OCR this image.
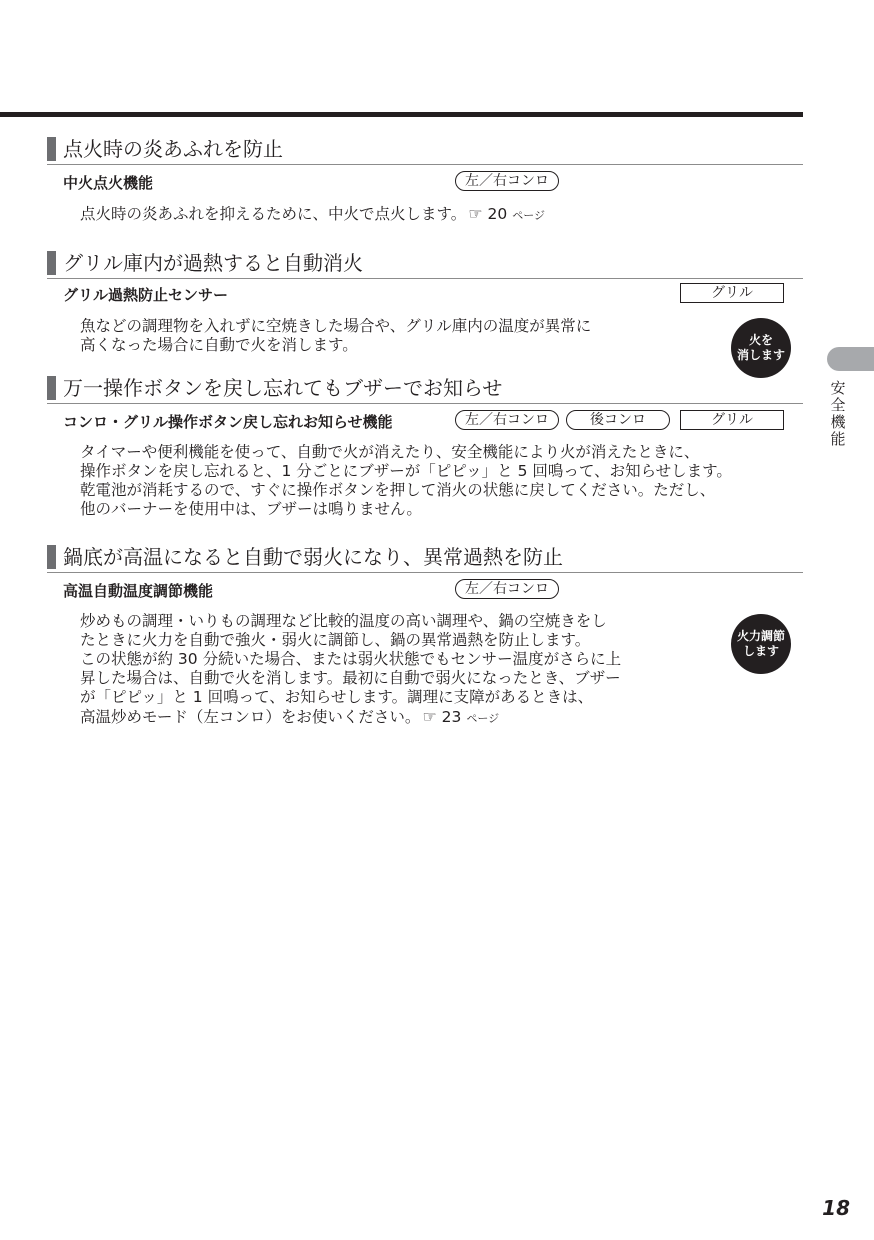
点火時の炎あふれを防止
中火点火機能	左／右コンロ

点火時の炎あふれを抑えるために、中火で点火します。 ☞ 20 ページ

グリル庫内が過熱すると自動消火
グリル過熱防止センサー	グリル

魚などの調理物を入れずに空焼きした場合や、グリル庫内の温度が異常に

高くなった場合に自動で火を消します。	火を
消します
万一操作ボタンを戻し忘れてもブザーでお知らせ
コンロ・グリル操作ボタン戻し忘れお知らせ機能	左／右コンロ	後コンロ	グリル

タイマーや便利機能を使って、自動で火が消えたり、安全機能により火が消えたときに、

操作ボタンを戻し忘れると、1 分ごとにブザーが「ピピッ」と 5 回鳴って、お知らせします。

乾電池が消耗するので、すぐに操作ボタンを押して消火の状態に戻してください。ただし、

他のバーナーを使用中は、ブザーは鳴りません。

鍋底が高温になると自動で弱火になり、異常過熱を防止
高温自動温度調節機能	左／右コンロ

炒めもの調理・いりもの調理など比較的温度の高い調理や、鍋の空焼きをし

たときに火力を自動で強火・弱火に調節し、鍋の異常過熱を防止します。

この状態が約 30 分続いた場合、または弱火状態でもセンサー温度がさらに上

昇した場合は、自動で火を消します。最初に自動で弱火になったとき、ブザー

が「ピピッ」と 1 回鳴って、お知らせします。調理に支障があるときは、

高温炒めモード（左コンロ）をお使いください。 ☞ 23 ページ

火力調節
します
安
全
機
能
18
